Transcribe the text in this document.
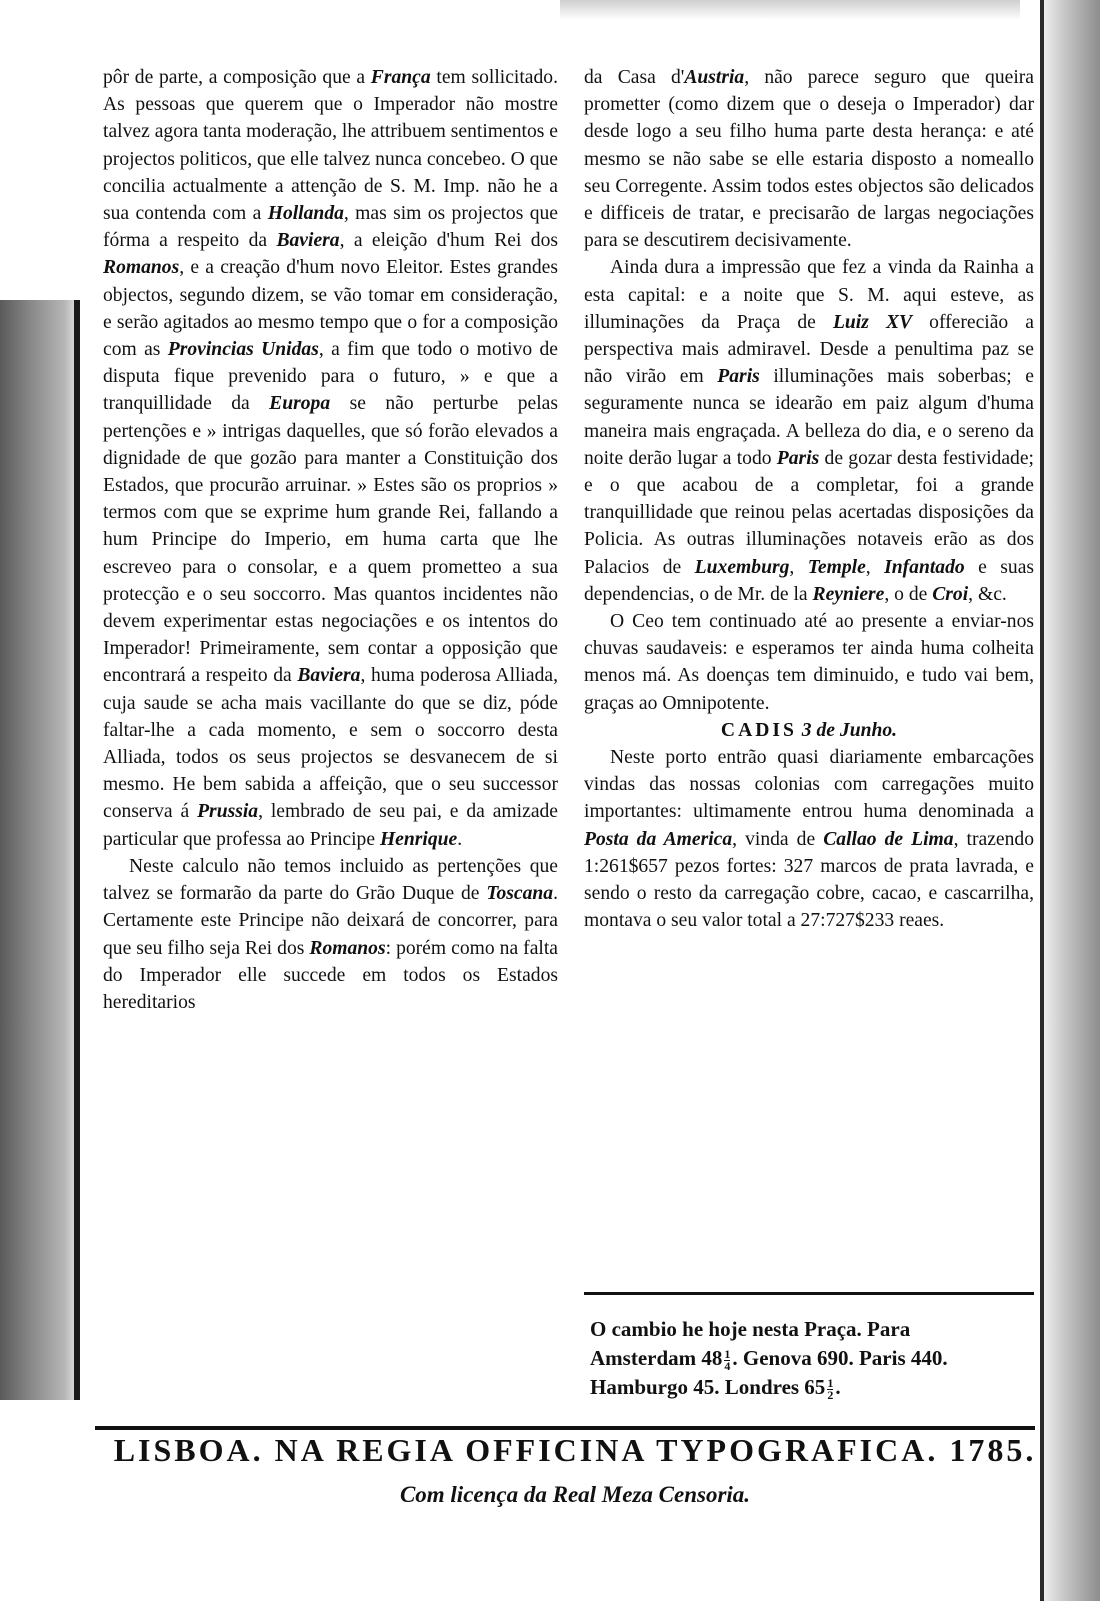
pôr de parte, a composição que a França tem sollicitado. As pessoas que querem que o Imperador não mostre talvez agora tanta moderação, lhe attribuem sentimentos e projectos politicos, que elle talvez nunca concebeo. O que concilia actualmente a attenção de S. M. Imp. não he a sua contenda com a Hollanda, mas sim os projectos que fórma a respeito da Baviera, a eleição d'hum Rei dos Romanos, e a creação d'hum novo Eleitor. Estes grandes objectos, segundo dizem, se vão tomar em consideração, e serão agitados ao mesmo tempo que o for a composição com as Provincias Unidas, a fim que todo o motivo de disputa fique prevenido para o futuro, » e que a tranquillidade da Europa se não perturbe pelas pertenções e » intrigas daquelles, que só forão elevados a dignidade de que gozão para manter a Constituição dos Estados, que procurão arruinar. » Estes são os proprios » termos com que se exprime hum grande Rei, fallando a hum Principe do Imperio, em huma carta que lhe escreveo para o consolar, e a quem prometteo a sua protecção e o seu soccorro. Mas quantos incidentes não devem experimentar estas negociações e os intentos do Imperador! Primeiramente, sem contar a opposição que encontrará a respeito da Baviera, huma poderosa Alliada, cuja saude se acha mais vacillante do que se diz, póde faltar-lhe a cada momento, e sem o soccorro desta Alliada, todos os seus projectos se desvanecem de si mesmo. He bem sabida a affeição, que o seu successor conserva á Prussia, lembrado de seu pai, e da amizade particular que professa ao Principe Henrique.

Neste calculo não temos incluido as pertenções que talvez se formarão da parte do Grão Duque de Toscana. Certamente este Principe não deixará de concorrer, para que seu filho seja Rei dos Romanos: porém como na falta do Imperador elle succede em todos os Estados hereditarios

da Casa d'Austria, não parece seguro que queira prometter (como dizem que o deseja o Imperador) dar desde logo a seu filho huma parte desta herança: e até mesmo se não sabe se elle estaria disposto a nomeallo seu Corregente. Assim todos estes objectos são delicados e difficeis de tratar, e precisarão de largas negociações para se descutirem decisivamente.

Ainda dura a impressão que fez a vinda da Rainha a esta capital: e a noite que S. M. aqui esteve, as illuminações da Praça de Luiz XV offerecião a perspectiva mais admiravel. Desde a penultima paz se não virão em Paris illuminações mais soberbas; e seguramente nunca se idearão em paiz algum d'huma maneira mais engraçada. A belleza do dia, e o sereno da noite derão lugar a todo Paris de gozar desta festividade; e o que acabou de a completar, foi a grande tranquillidade que reinou pelas acertadas disposições da Policia. As outras illuminações notaveis erão as dos Palacios de Luxemburg, Temple, Infantado e suas dependencias, o de Mr. de la Reyniere, o de Croi, &c.

O Ceo tem continuado até ao presente a enviar-nos chuvas saudaveis: e esperamos ter ainda huma colheita menos má. As doenças tem diminuido, e tudo vai bem, graças ao Omnipotente.

CADIS 3 de Junho.

Neste porto entrão quasi diariamente embarcações vindas das nossas colonias com carregações muito importantes: ultimamente entrou huma denominada a Posta da America, vinda de Callao de Lima, trazendo 1:261$657 pezos fortes: 327 marcos de prata lavrada, e sendo o resto da carregação cobre, cacao, e cascarrilha, montava o seu valor total a 27:727$233 reaes.

O cambio he hoje nesta Praça. Para

Amsterdam $48 \frac{1}{4}$ . Genova 690. Paris 440.

Hamburgo 45. Londres $65 \frac{1}{2}$ .

LISBOA. NA REGIA OFFICINA TYPOGRAFICA. 1785.
Com licença da Real Meza Censoria.
